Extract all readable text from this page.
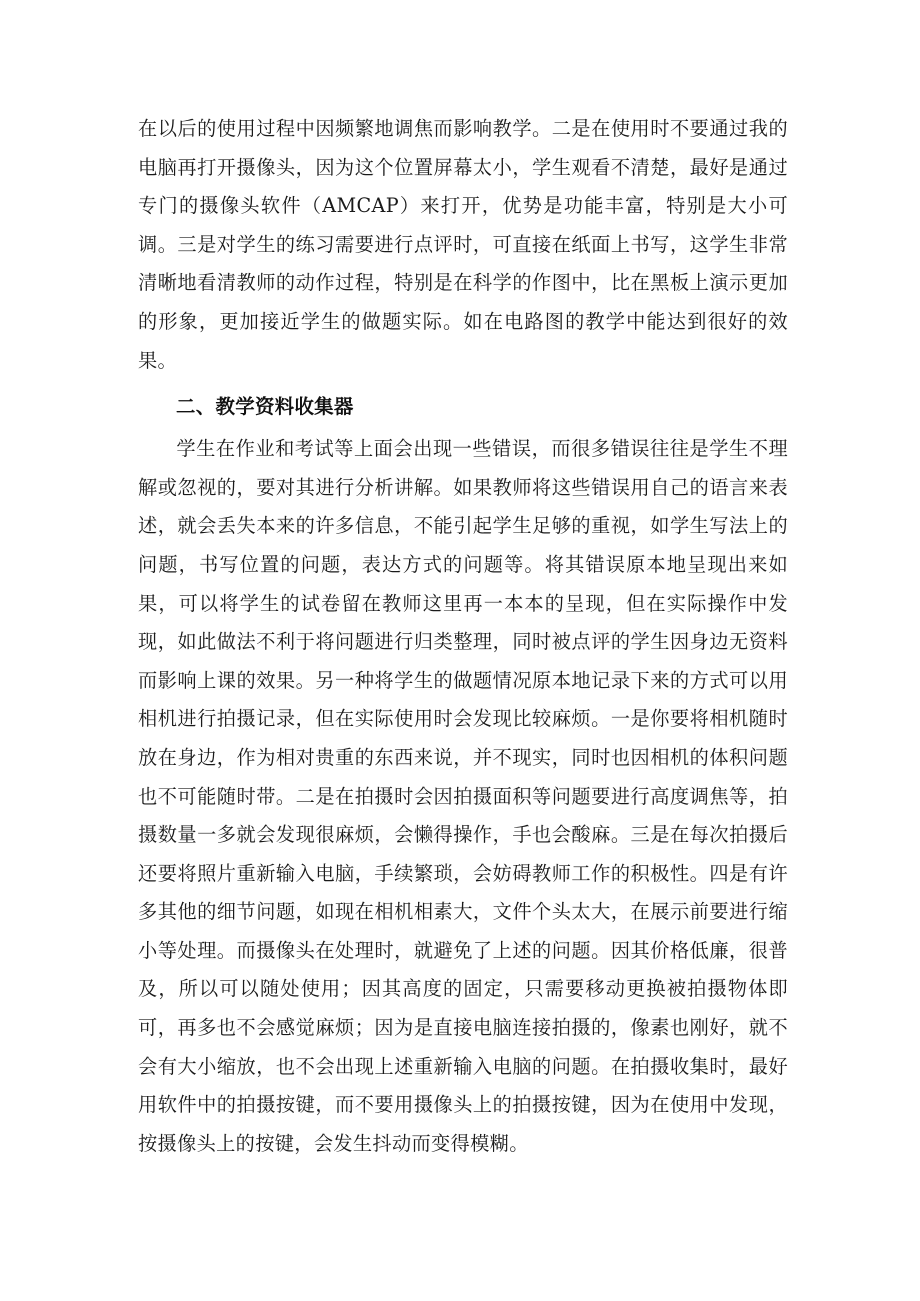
在以后的使用过程中因频繁地调焦而影响教学。二是在使用时不要通过我的电脑再打开摄像头，因为这个位置屏幕太小，学生观看不清楚，最好是通过专门的摄像头软件（AMCAP）来打开，优势是功能丰富，特别是大小可调。三是对学生的练习需要进行点评时，可直接在纸面上书写，这学生非常清晰地看清教师的动作过程，特别是在科学的作图中，比在黑板上演示更加的形象，更加接近学生的做题实际。如在电路图的教学中能达到很好的效果。

二、教学资料收集器

学生在作业和考试等上面会出现一些错误，而很多错误往往是学生不理解或忽视的，要对其进行分析讲解。如果教师将这些错误用自己的语言来表述，就会丢失本来的许多信息，不能引起学生足够的重视，如学生写法上的问题，书写位置的问题，表达方式的问题等。将其错误原本地呈现出来如果，可以将学生的试卷留在教师这里再一本本的呈现，但在实际操作中发现，如此做法不利于将问题进行归类整理，同时被点评的学生因身边无资料而影响上课的效果。另一种将学生的做题情况原本地记录下来的方式可以用相机进行拍摄记录，但在实际使用时会发现比较麻烦。一是你要将相机随时放在身边，作为相对贵重的东西来说，并不现实，同时也因相机的体积问题也不可能随时带。二是在拍摄时会因拍摄面积等问题要进行高度调焦等，拍摄数量一多就会发现很麻烦，会懒得操作，手也会酸麻。三是在每次拍摄后还要将照片重新输入电脑，手续繁琐，会妨碍教师工作的积极性。四是有许多其他的细节问题，如现在相机相素大，文件个头太大，在展示前要进行缩小等处理。而摄像头在处理时，就避免了上述的问题。因其价格低廉，很普及，所以可以随处使用；因其高度的固定，只需要移动更换被拍摄物体即可，再多也不会感觉麻烦；因为是直接电脑连接拍摄的，像素也刚好，就不会有大小缩放，也不会出现上述重新输入电脑的问题。在拍摄收集时，最好用软件中的拍摄按键，而不要用摄像头上的拍摄按键，因为在使用中发现，按摄像头上的按键，会发生抖动而变得模糊。
